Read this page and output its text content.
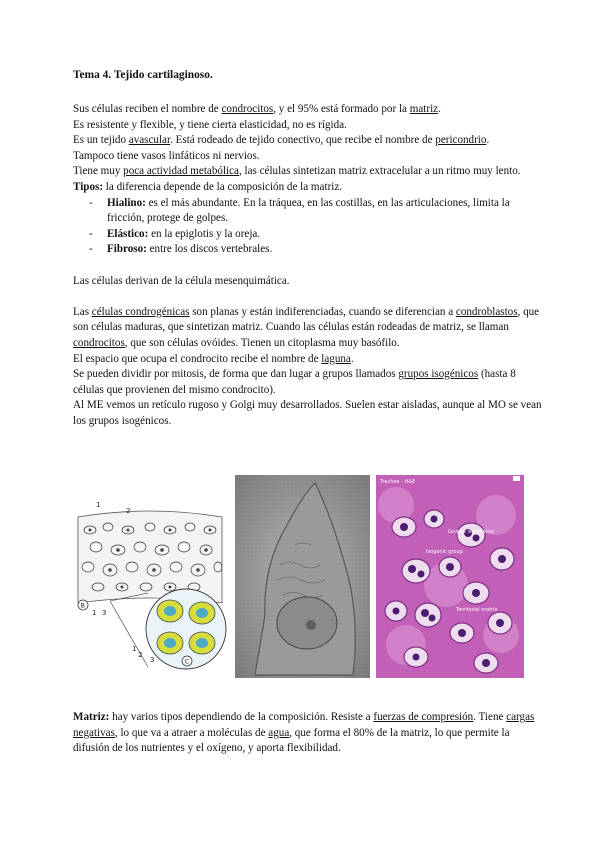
Tema 4. Tejido cartilaginoso.

Sus células reciben el nombre de condrocitos, y el 95% está formado por la matriz.

Es resistente y flexible, y tiene cierta elasticidad, no es rígida.

Es un tejido avascular. Está rodeado de tejido conectivo, que recibe el nombre de pericondrio.

Tampoco tiene vasos linfáticos ni nervios.

Tiene muy poca actividad metabólica, las células sintetizan matriz extracelular a un ritmo muy lento.

Tipos: la diferencia depende de la composición de la matriz.

- Hialino: es el más abundante. En la tráquea, en las costillas, en las articulaciones, limita la fricción, protege de golpes.
- Elástico: en la epiglotis y la oreja.
- Fibroso: entre los discos vertebrales.

Las células derivan de la célula mesenquimática.

Las células condrogénicas son planas y están indiferenciadas, cuando se diferencian a condroblastos, que son células maduras, que sintetizan matriz. Cuando las células están rodeadas de matriz, se llaman condrocitos, que son células ovóides. Tienen un citoplasma muy basófilo.

El espacio que ocupa el condrocito recibe el nombre de laguna.

Se pueden dividir por mitosis, de forma que dan lugar a grupos llamados grupos isogénicos (hasta 8 células que provienen del mismo condrocito).

Al ME vemos un retículo rugoso y Golgi muy desarrollados. Suelen estar aisladas, aunque al MO se vean los grupos isogénicos.

1
2
1 3
2
1
3
B
C
Trachea - H&E
Grupos isogénicos
Isogenic group
Territorial matrix
Matriz: hay varios tipos dependiendo de la composición. Resiste a fuerzas de compresión. Tiene cargas negativas, lo que va a atraer a moléculas de agua, que forma el 80% de la matriz, lo que permite la difusión de los nutrientes y el oxígeno, y aporta flexibilidad.
